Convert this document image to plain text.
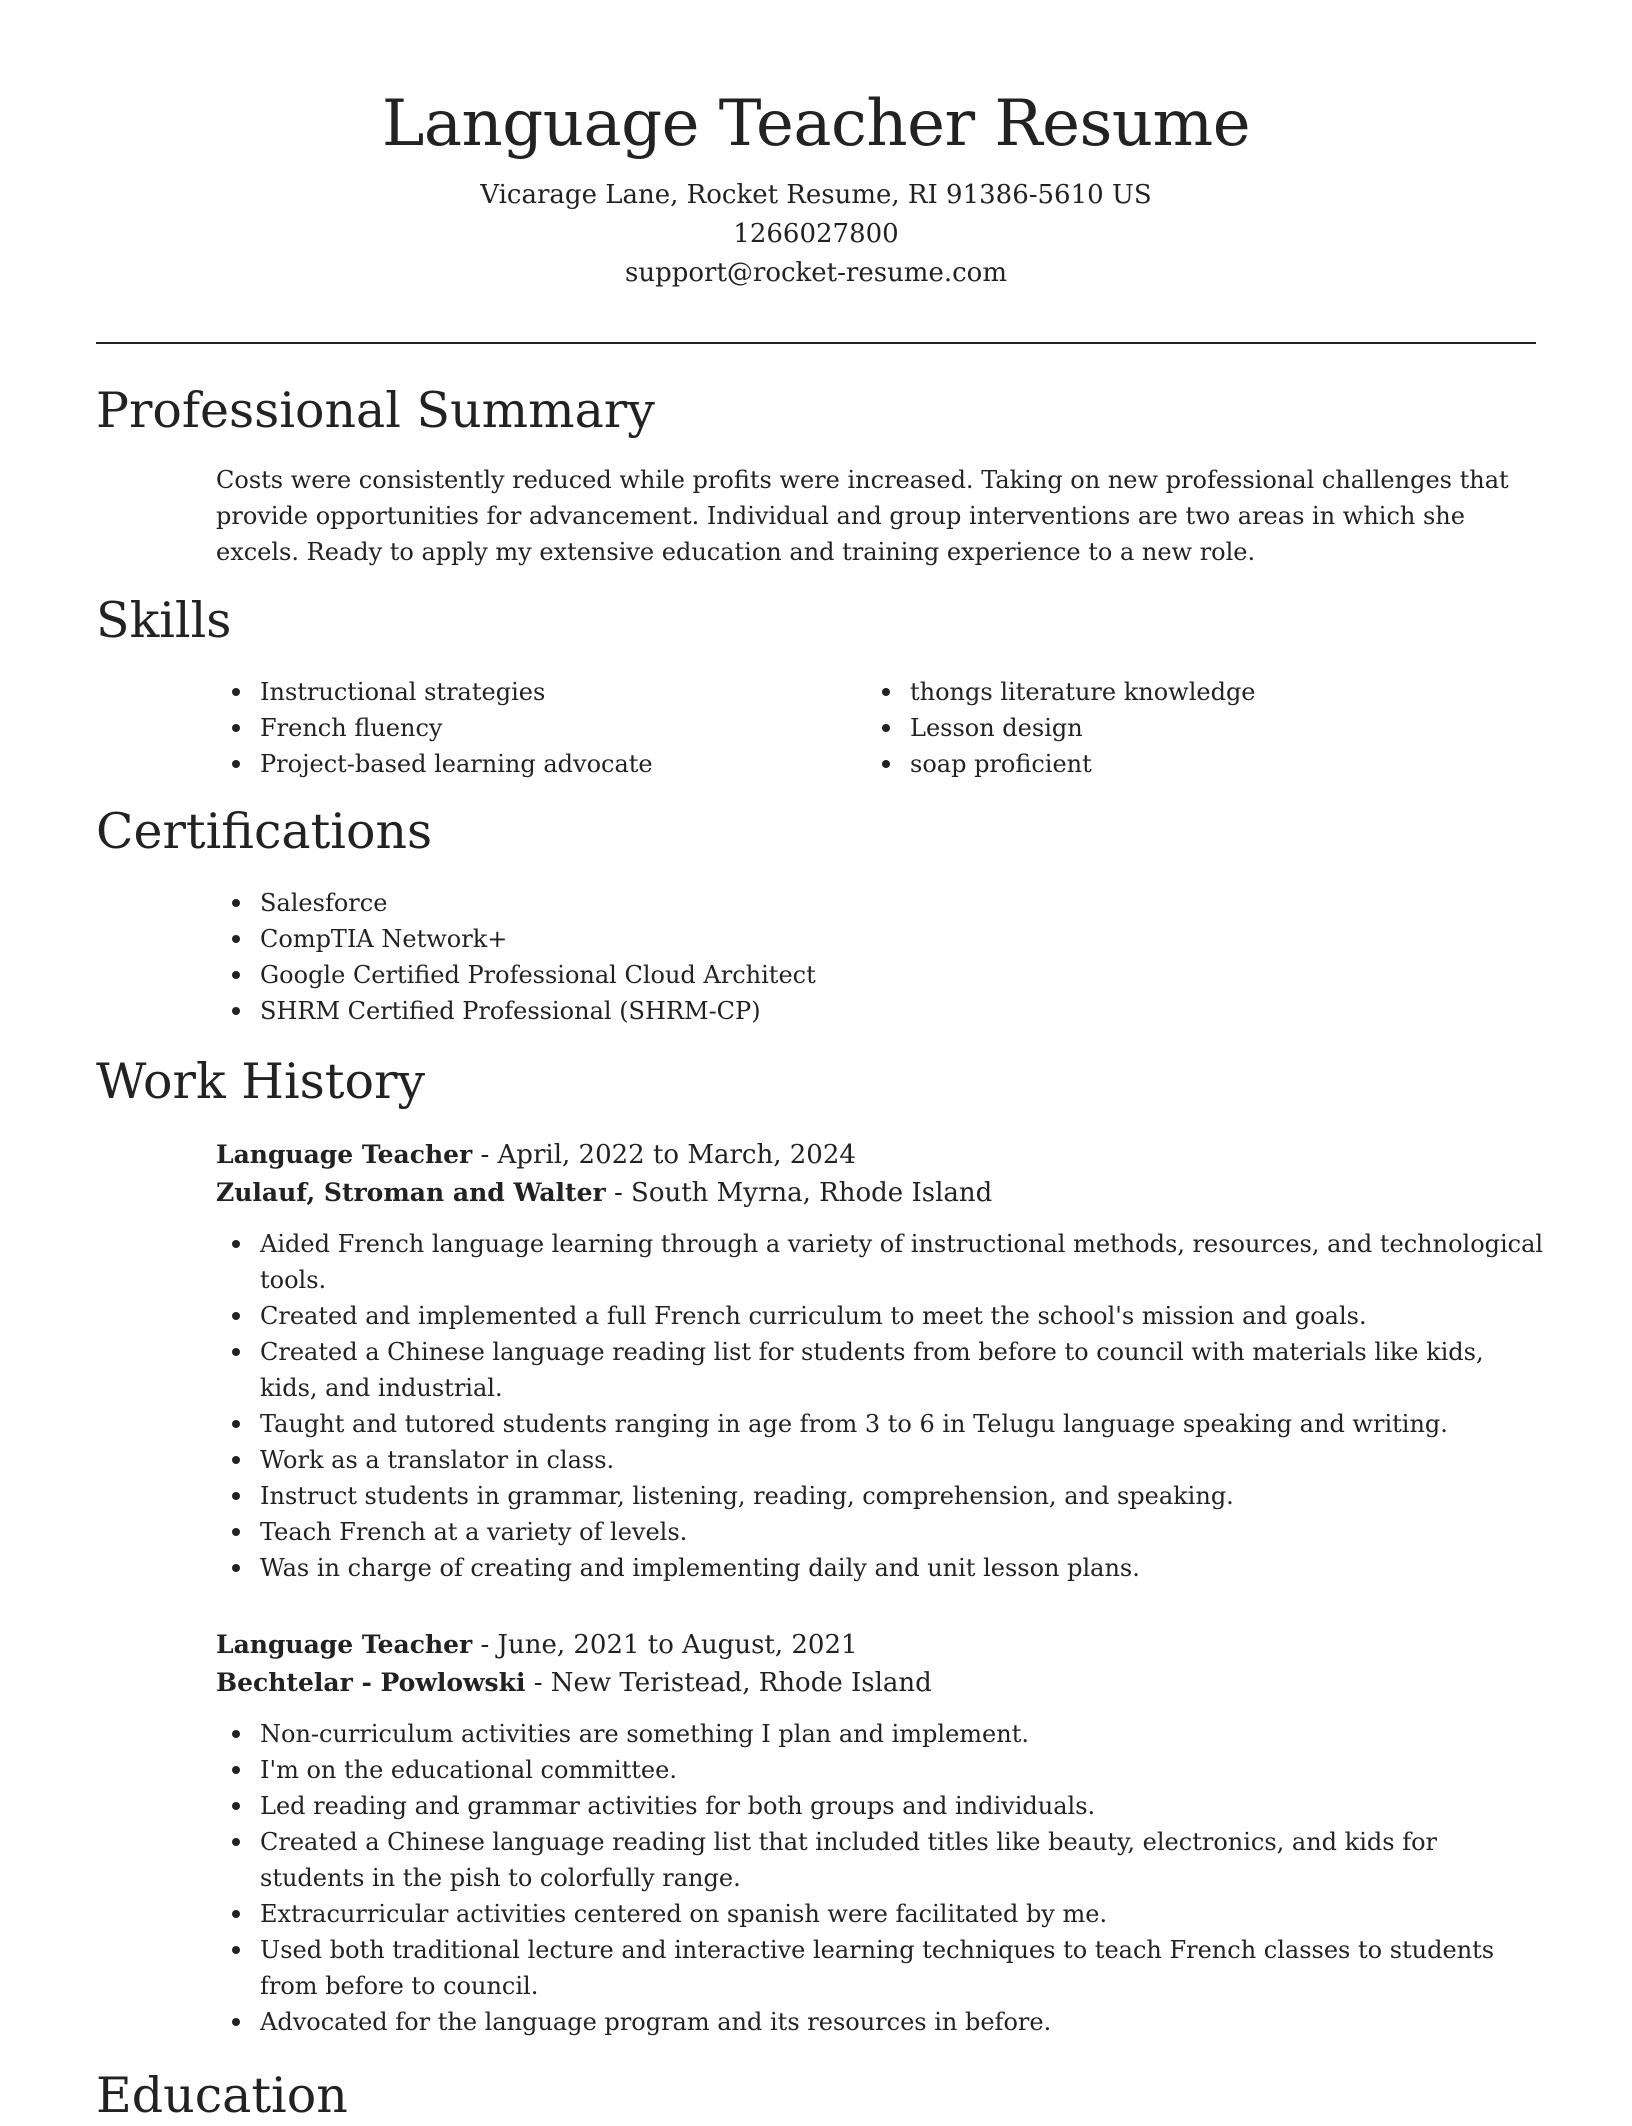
Language Teacher Resume
Vicarage Lane, Rocket Resume, RI 91386-5610 US
1266027800
support@rocket-resume.com
Professional Summary

Costs were consistently reduced while profits were increased. Taking on new professional challenges that provide opportunities for advancement. Individual and group interventions are two areas in which she excels. Ready to apply my extensive education and training experience to a new role.

Skills
Instructional strategies
French fluency
Project-based learning advocate
thongs literature knowledge
Lesson design
soap proficient
Certifications
Salesforce
CompTIA Network+
Google Certified Professional Cloud Architect
SHRM Certified Professional (SHRM-CP)
Work History
Language Teacher - April, 2022 to March, 2024
Zulauf, Stroman and Walter - South Myrna, Rhode Island
Aided French language learning through a variety of instructional methods, resources, and technological tools.
Created and implemented a full French curriculum to meet the school's mission and goals.
Created a Chinese language reading list for students from before to council with materials like kids, kids, and industrial.
Taught and tutored students ranging in age from 3 to 6 in Telugu language speaking and writing.
Work as a translator in class.
Instruct students in grammar, listening, reading, comprehension, and speaking.
Teach French at a variety of levels.
Was in charge of creating and implementing daily and unit lesson plans.
Language Teacher - June, 2021 to August, 2021
Bechtelar - Powlowski - New Teristead, Rhode Island
Non-curriculum activities are something I plan and implement.
I'm on the educational committee.
Led reading and grammar activities for both groups and individuals.
Created a Chinese language reading list that included titles like beauty, electronics, and kids for students in the pish to colorfully range.
Extracurricular activities centered on spanish were facilitated by me.
Used both traditional lecture and interactive learning techniques to teach French classes to students from before to council.
Advocated for the language program and its resources in before.
Education
